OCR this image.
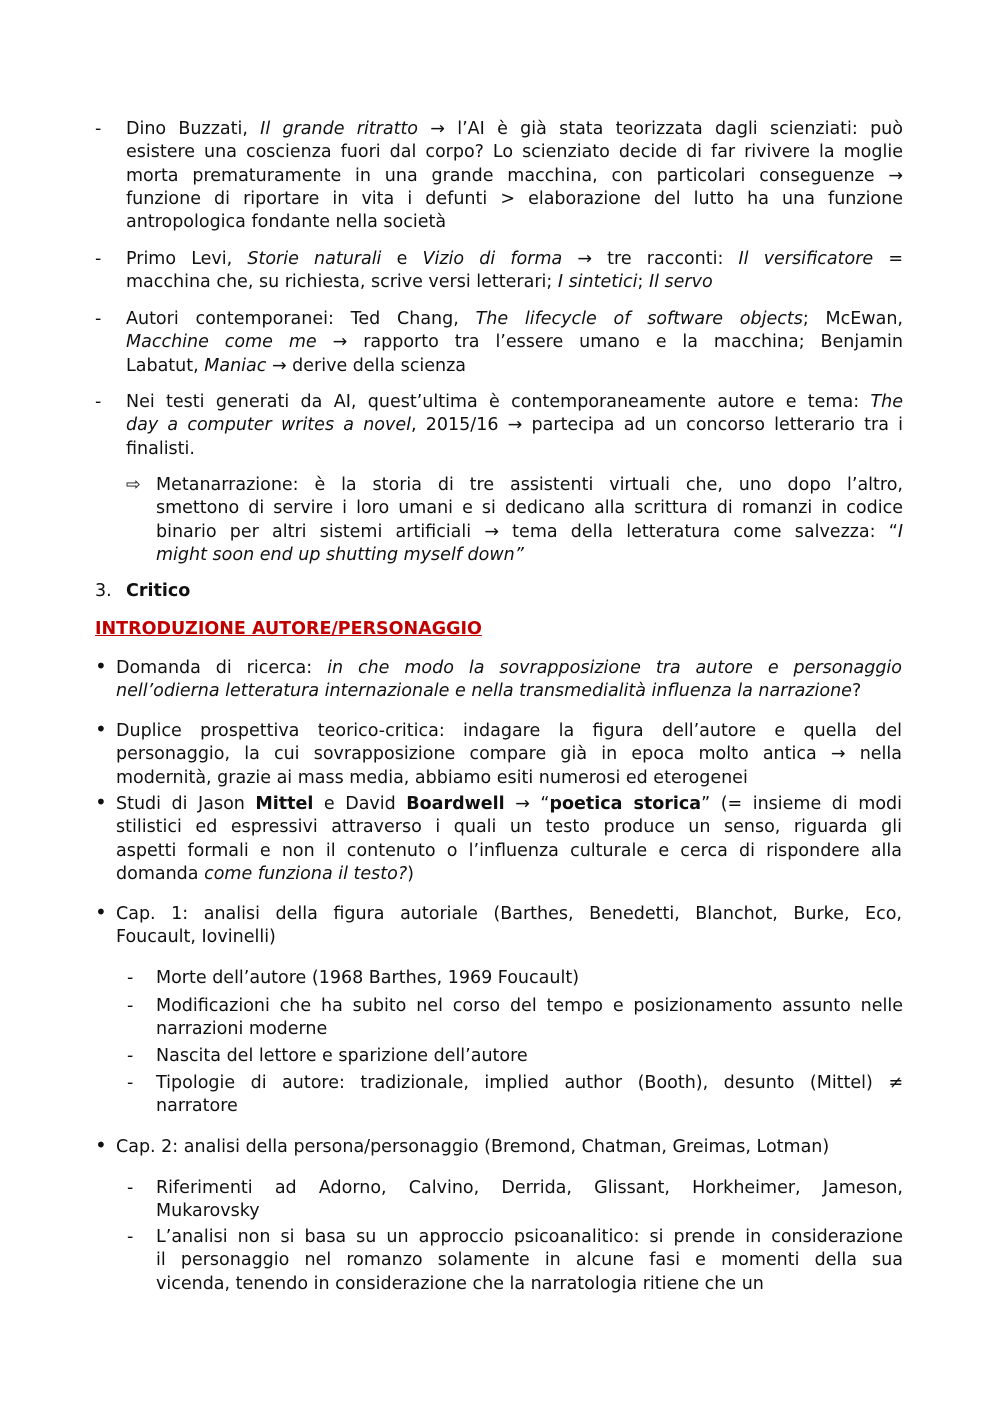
- Dino Buzzati, Il grande ritratto → l’AI è già stata teorizzata dagli scienziati: può
esistere una coscienza fuori dal corpo? Lo scienziato decide di far rivivere la moglie
morta prematuramente in una grande macchina, con particolari conseguenze →
funzione di riportare in vita i defunti > elaborazione del lutto ha una funzione
antropologica fondante nella società
- Primo Levi, Storie naturali e Vizio di forma → tre racconti: Il versificatore =
macchina che, su richiesta, scrive versi letterari; I sintetici; Il servo
- Autori contemporanei: Ted Chang, The lifecycle of software objects; McEwan,
Macchine come me → rapporto tra l’essere umano e la macchina; Benjamin
Labatut, Maniac → derive della scienza
- Nei testi generati da AI, quest’ultima è contemporaneamente autore e tema: The
day a computer writes a novel, 2015/16 → partecipa ad un concorso letterario tra i
finalisti.
⇨ Metanarrazione: è la storia di tre assistenti virtuali che, uno dopo l’altro,
smettono di servire i loro umani e si dedicano alla scrittura di romanzi in codice
binario per altri sistemi artificiali → tema della letteratura come salvezza: “I
might soon end up shutting myself down”
3. Critico
INTRODUZIONE AUTORE/PERSONAGGIO
• Domanda di ricerca: in che modo la sovrapposizione tra autore e personaggio
nell’odierna letteratura internazionale e nella transmedialità influenza la narrazione?
• Duplice prospettiva teorico-critica: indagare la figura dell’autore e quella del
personaggio, la cui sovrapposizione compare già in epoca molto antica → nella
modernità, grazie ai mass media, abbiamo esiti numerosi ed eterogenei
• Studi di Jason Mittel e David Boardwell → “poetica storica” (= insieme di modi
stilistici ed espressivi attraverso i quali un testo produce un senso, riguarda gli
aspetti formali e non il contenuto o l’influenza culturale e cerca di rispondere alla
domanda come funziona il testo?)
• Cap. 1: analisi della figura autoriale (Barthes, Benedetti, Blanchot, Burke, Eco,
Foucault, Iovinelli)
- Morte dell’autore (1968 Barthes, 1969 Foucault)
- Modificazioni che ha subito nel corso del tempo e posizionamento assunto nelle
narrazioni moderne
- Nascita del lettore e sparizione dell’autore
- Tipologie di autore: tradizionale, implied author (Booth), desunto (Mittel) ≠
narratore
• Cap. 2: analisi della persona/personaggio (Bremond, Chatman, Greimas, Lotman)
- Riferimenti ad Adorno, Calvino, Derrida, Glissant, Horkheimer, Jameson,
Mukarovsky
- L’analisi non si basa su un approccio psicoanalitico: si prende in considerazione
il personaggio nel romanzo solamente in alcune fasi e momenti della sua
vicenda, tenendo in considerazione che la narratologia ritiene che un
